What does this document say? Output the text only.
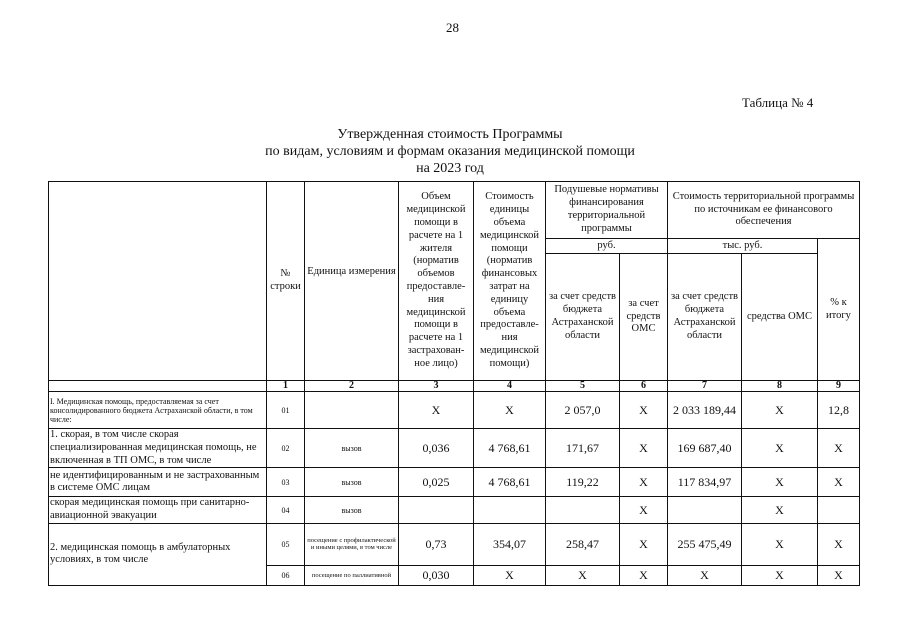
28
Таблица № 4
Утвержденная стоимость Программы
по видам, условиям и формам оказания медицинской помощи
на 2023 год
	№ строки	Единица измерения	Объем медицинской помощи в расчете на 1 жителя (норматив объемов предоставле-ния медицинской помощи в расчете на 1 застрахован-ное лицо)	Стоимость единицы объема медицинской помощи (норматив финансовых затрат на единицу объема предоставле-ния медицинской помощи)	Подушевые нормативы финансирования территориальной программы		Стоимость территориальной программы по источникам ее финансового обеспечения		
					руб.		тыс. руб.		% к итогу
					за счет средств бюджета Астраханской области	за счет средств ОМС	за счет средств бюджета Астраханской области	средства ОМС	
	1	2	3	4	5	6	7	8	9
I. Медицинская помощь, предоставляемая за счет консолидированного бюджета Астраханской области, в том числе:	01		Х	Х	2 057,0	Х	2 033 189,44	Х	12,8
1. скорая, в том числе скорая специализированная медицинская помощь, не включенная в ТП ОМС, в том числе	02	вызов	0,036	4 768,61	171,67	Х	169 687,40	Х	Х
не идентифицированным и не застрахованным в системе ОМС лицам	03	вызов	0,025	4 768,61	119,22	Х	117 834,97	Х	Х
скорая медицинская помощь при санитарно-авиационной эвакуации	04	вызов				Х		Х	
2. медицинская помощь в амбулаторных условиях, в том числе	05	посещение с профилактической и иными целями, в том числе	0,73	354,07	258,47	Х	255 475,49	Х	Х
	06	посещение по паллиативной	0,030	Х	Х	Х	Х	Х	Х
